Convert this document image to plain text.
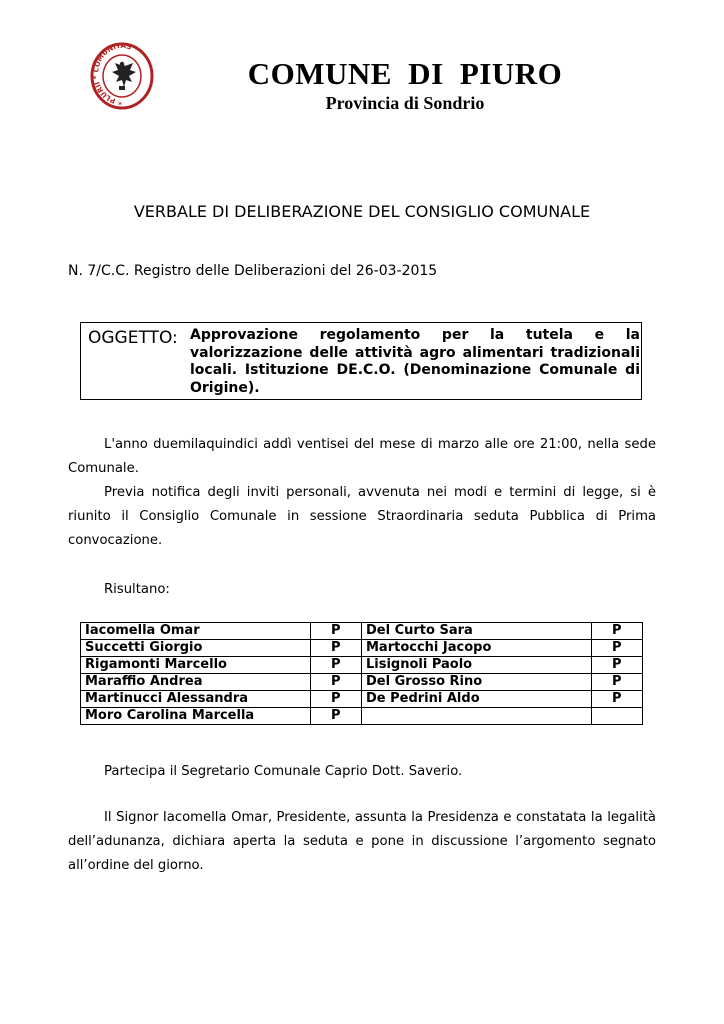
* PLURII * COMUNITAS *
COMUNE DI PIURO
Provincia di Sondrio
VERBALE DI DELIBERAZIONE DEL CONSIGLIO COMUNALE
N. 7/C.C. Registro delle Deliberazioni del 26-03-2015
OGGETTO: Approvazione regolamento per la tutela e la valorizzazione delle attività agro alimentari tradizionali locali. Istituzione DE.C.O. (Denominazione Comunale di Origine).
L'anno duemilaquindici addì ventisei del mese di marzo alle ore 21:00, nella sede Comunale.
Previa notifica degli inviti personali, avvenuta nei modi e termini di legge, si è riunito il Consiglio Comunale in sessione Straordinaria seduta Pubblica di Prima convocazione.
Risultano:
Iacomella Omar	P	Del Curto Sara	P
Succetti Giorgio	P	Martocchi Jacopo	P
Rigamonti Marcello	P	Lisignoli Paolo	P
Maraffio Andrea	P	Del Grosso Rino	P
Martinucci Alessandra	P	De Pedrini Aldo	P
Moro Carolina Marcella	P		
Partecipa il Segretario Comunale Caprio Dott. Saverio.
Il Signor Iacomella Omar, Presidente, assunta la Presidenza e constatata la legalità dell’adunanza, dichiara aperta la seduta e pone in discussione l’argomento segnato all’ordine del giorno.
